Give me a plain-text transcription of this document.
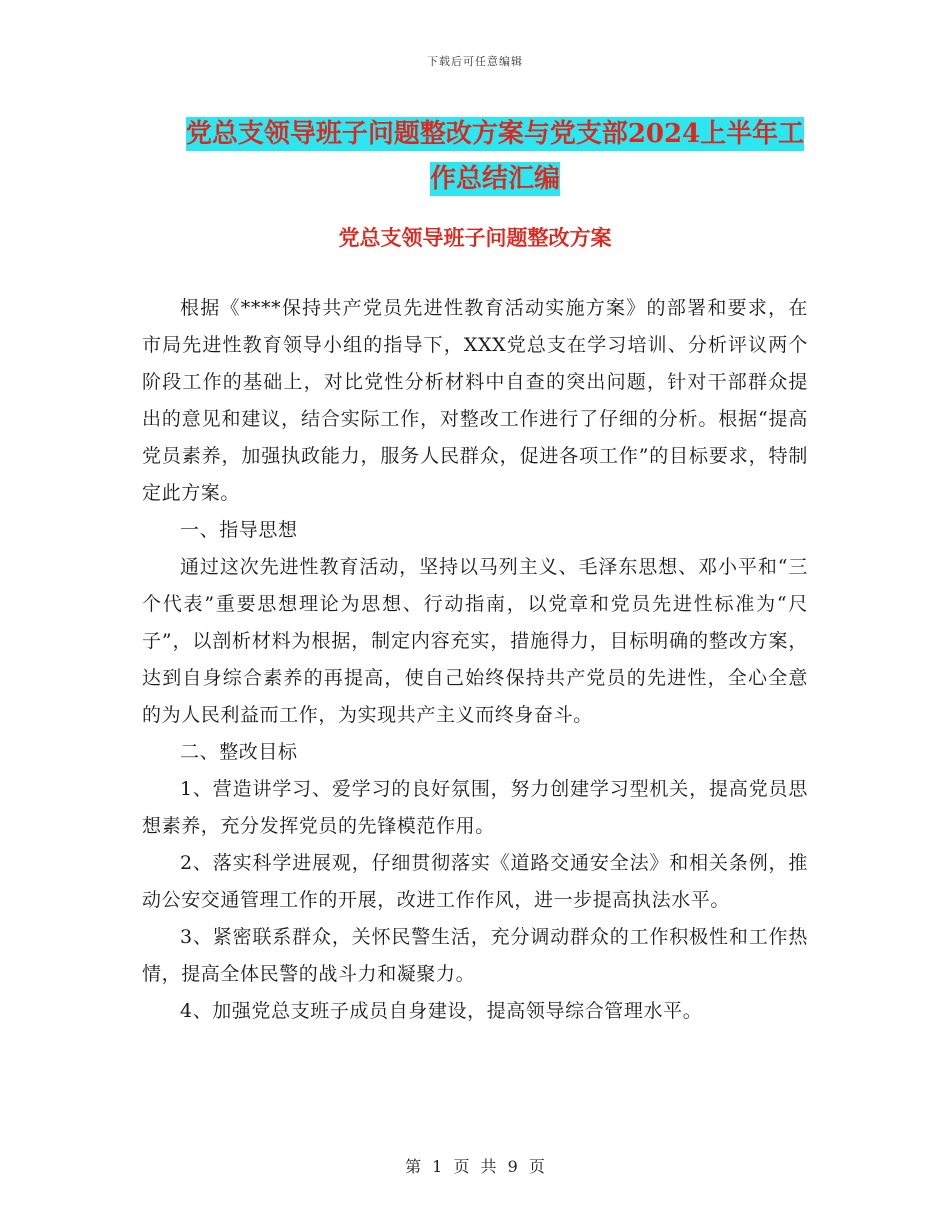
下载后可任意编辑
党总支领导班子问题整改方案与党支部2024上半年工
作总结汇编
党总支领导班子问题整改方案

根据《****保持共产党员先进性教育活动实施方案》的部署和要求，在市局先进性教育领导小组的指导下，XXX党总支在学习培训、分析评议两个阶段工作的基础上，对比党性分析材料中自查的突出问题，针对干部群众提出的意见和建议，结合实际工作，对整改工作进行了仔细的分析。根据“提高党员素养，加强执政能力，服务人民群众，促进各项工作”的目标要求，特制定此方案。

一、指导思想

通过这次先进性教育活动，坚持以马列主义、毛泽东思想、邓小平和“三个代表”重要思想理论为思想、行动指南，以党章和党员先进性标准为“尺子”，以剖析材料为根据，制定内容充实，措施得力，目标明确的整改方案，达到自身综合素养的再提高，使自己始终保持共产党员的先进性，全心全意的为人民利益而工作，为实现共产主义而终身奋斗。

二、整改目标

1、营造讲学习、爱学习的良好氛围，努力创建学习型机关，提高党员思想素养，充分发挥党员的先锋模范作用。

2、落实科学进展观，仔细贯彻落实《道路交通安全法》和相关条例，推动公安交通管理工作的开展，改进工作作风，进一步提高执法水平。

3、紧密联系群众，关怀民警生活，充分调动群众的工作积极性和工作热情，提高全体民警的战斗力和凝聚力。

4、加强党总支班子成员自身建设，提高领导综合管理水平。

第 1 页 共 9 页
